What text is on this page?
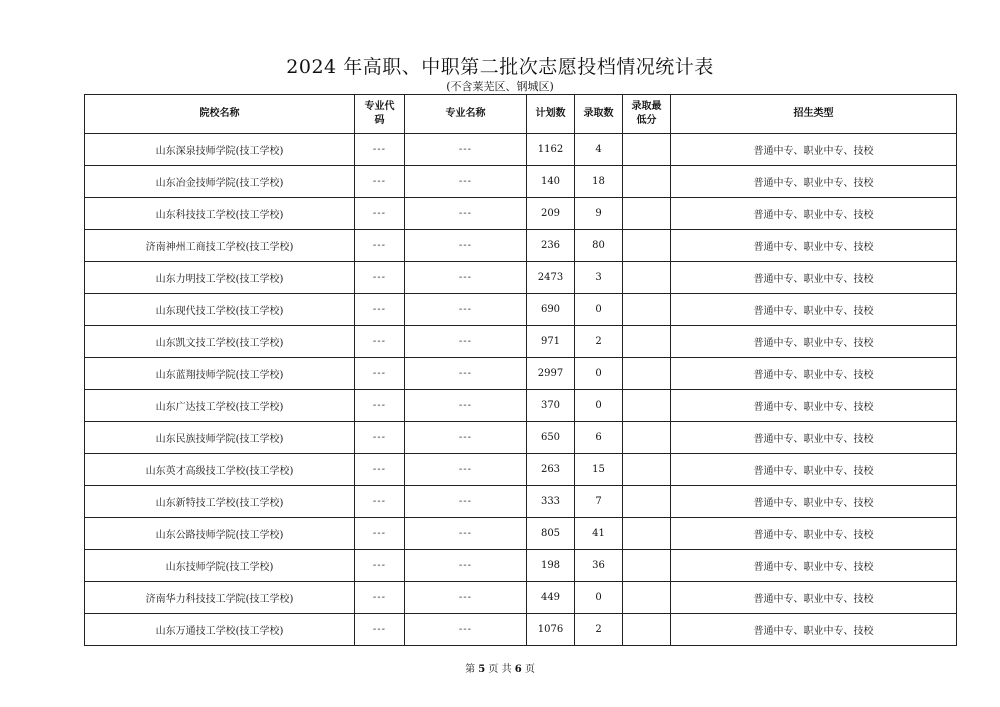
2024 年高职、中职第二批次志愿投档情况统计表
(不含莱芜区、钢城区)
院校名称	专业代码	专业名称	计划数	录取数	录取最低分	招生类型
山东深泉技师学院(技工学校)	---	---	1162	4		普通中专、职业中专、技校
山东冶金技师学院(技工学校)	---	---	140	18		普通中专、职业中专、技校
山东科技技工学校(技工学校)	---	---	209	9		普通中专、职业中专、技校
济南神州工商技工学校(技工学校)	---	---	236	80		普通中专、职业中专、技校
山东力明技工学校(技工学校)	---	---	2473	3		普通中专、职业中专、技校
山东现代技工学校(技工学校)	---	---	690	0		普通中专、职业中专、技校
山东凯文技工学校(技工学校)	---	---	971	2		普通中专、职业中专、技校
山东蓝翔技师学院(技工学校)	---	---	2997	0		普通中专、职业中专、技校
山东广达技工学校(技工学校)	---	---	370	0		普通中专、职业中专、技校
山东民族技师学院(技工学校)	---	---	650	6		普通中专、职业中专、技校
山东英才高级技工学校(技工学校)	---	---	263	15		普通中专、职业中专、技校
山东新特技工学校(技工学校)	---	---	333	7		普通中专、职业中专、技校
山东公路技师学院(技工学校)	---	---	805	41		普通中专、职业中专、技校
山东技师学院(技工学校)	---	---	198	36		普通中专、职业中专、技校
济南华力科技技工学院(技工学校)	---	---	449	0		普通中专、职业中专、技校
山东万通技工学校(技工学校)	---	---	1076	2		普通中专、职业中专、技校
第 5 页 共 6 页
